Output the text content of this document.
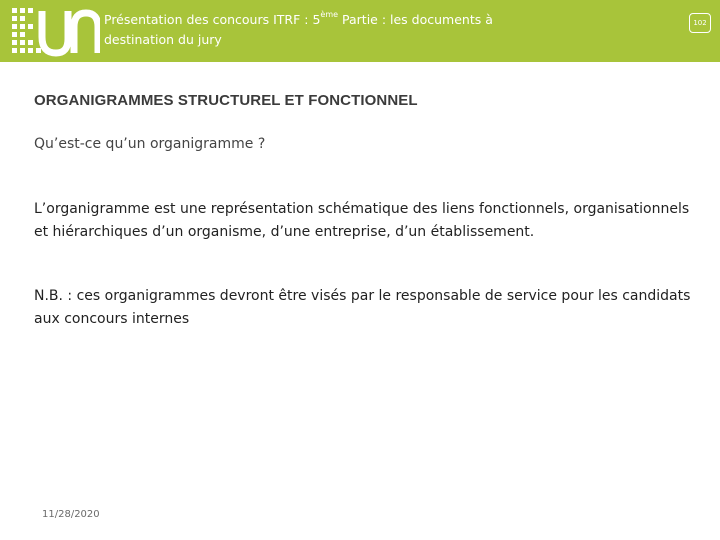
Présentation des concours ITRF : 5ème Partie : les documents à destination du jury
102
ORGANIGRAMMES STRUCTUREL ET FONCTIONNEL
Qu’est-ce qu’un organigramme ?
L’organigramme est une représentation schématique des liens fonctionnels, organisationnels et hiérarchiques d’un organisme, d’une entreprise, d’un établissement.
N.B. : ces organigrammes devront être visés par le responsable de service pour les candidats aux concours internes
11/28/2020
